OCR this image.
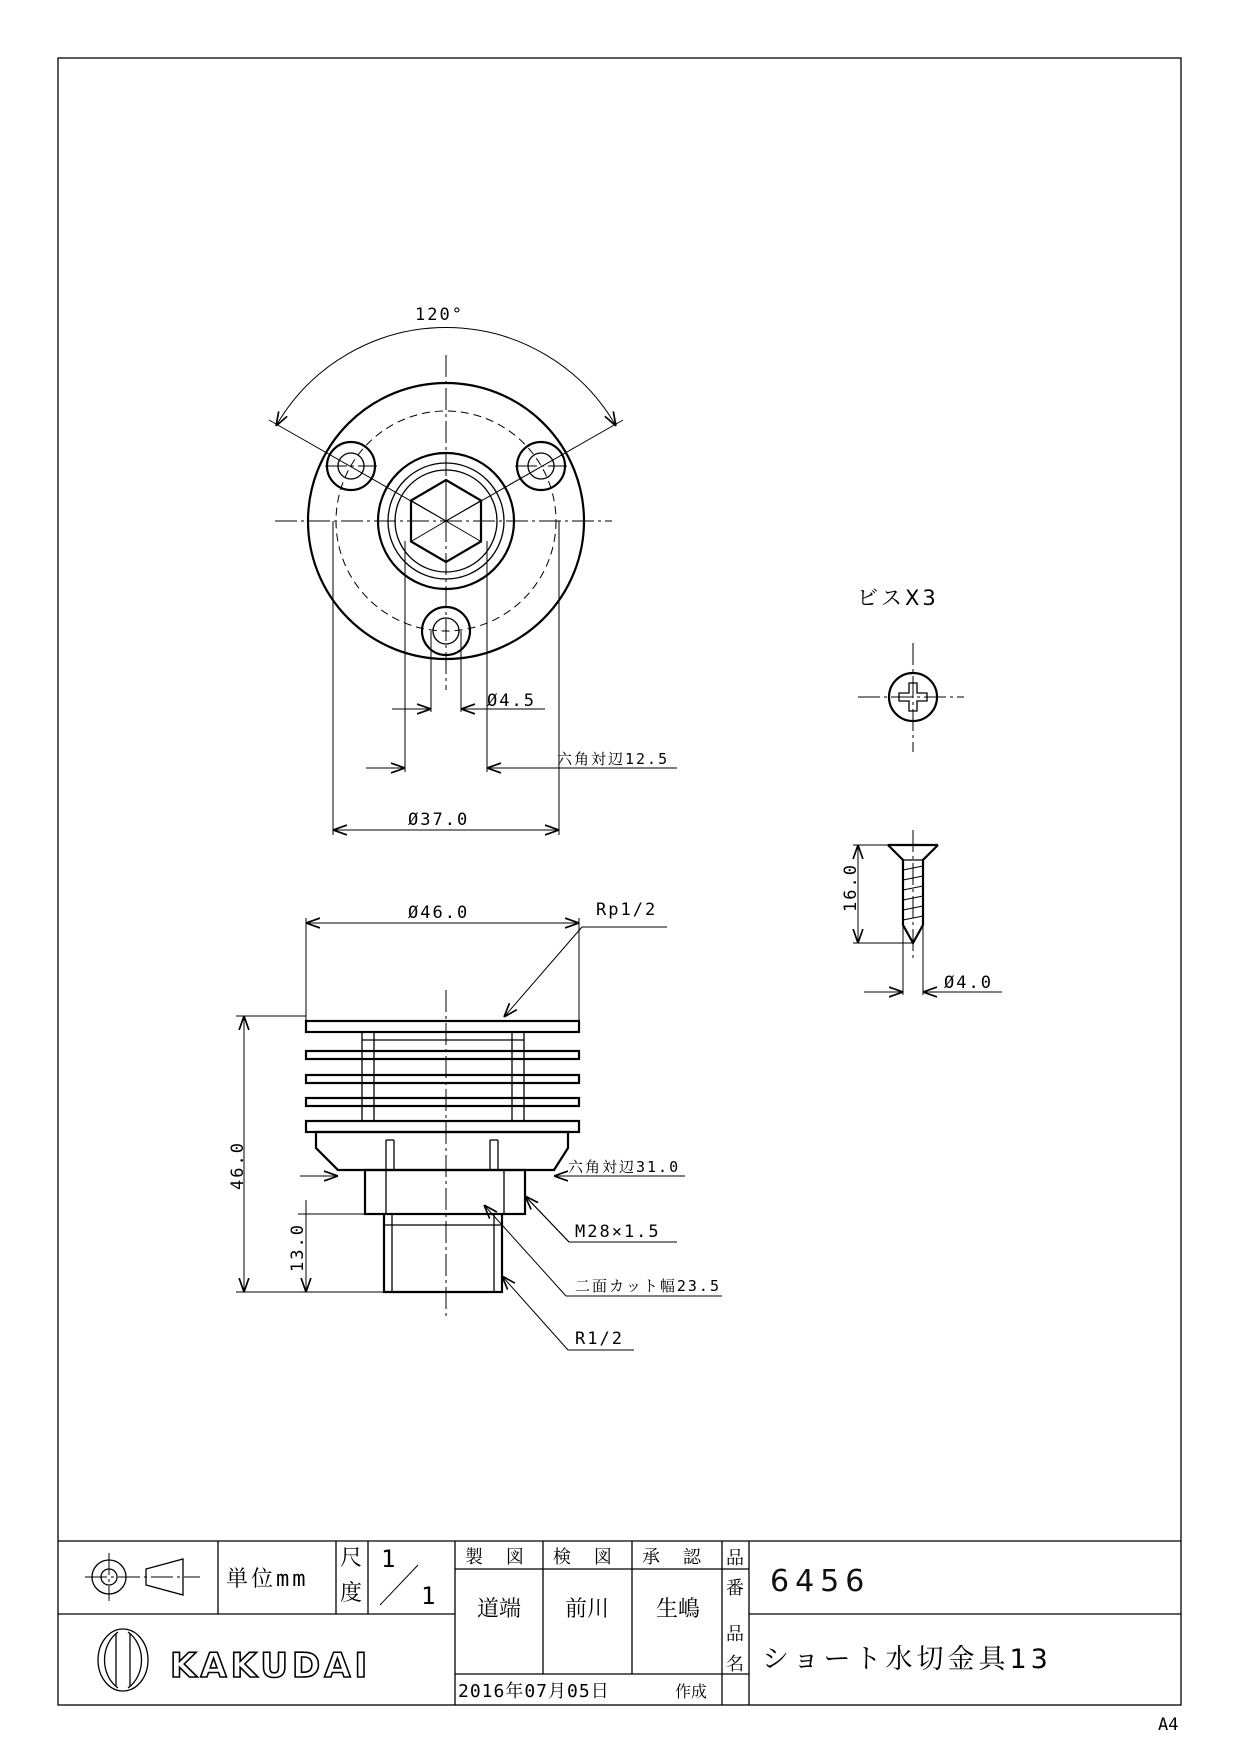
120°
Ø4.5
六角対辺12.5
Ø37.0
ビスX3
16.0
Ø4.0
Ø46.0	Rp1/2
46.0
13.0
六角対辺31.0
M28×1.5
二面カット幅23.5
R1/2
単位mm
尺
度
1
1
製 図 検 図 承 認
道端 前川 生嶋
2016年07月05日	作成
品
番 6456
品
名 ショート水切金具13
KAKUDAI
A4
